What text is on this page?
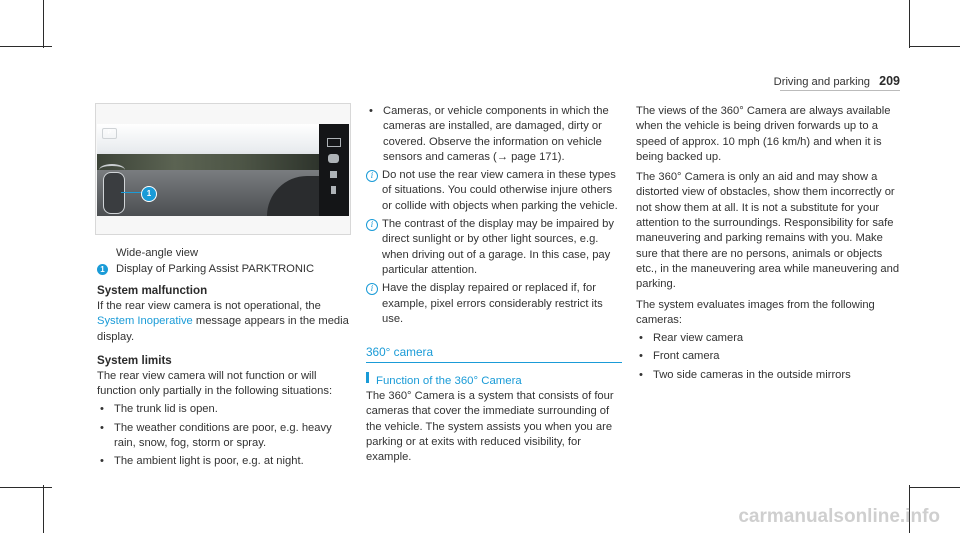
Driving and parking 209
P
1

Wide-angle view

1	Display of Parking Assist PARKTRONIC

System malfunction

If the rear view camera is not operational, the System Inoperative message appears in the media display.

System limits

The rear view camera will not function or will function only partially in the following situations:

• The trunk lid is open.
• The weather conditions are poor, e.g. heavy rain, snow, fog, storm or spray.
• The ambient light is poor, e.g. at night.
• Cameras, or vehicle components in which the cameras are installed, are damaged, dirty or covered. Observe the information on vehicle sensors and cameras (→ page 171).
i Do not use the rear view camera in these types of situations. You could otherwise injure others or collide with objects when parking the vehicle.
i The contrast of the display may be impaired by direct sunlight or by other light sources, e.g. when driving out of a garage. In this case, pay particular attention.
i Have the display repaired or replaced if, for example, pixel errors considerably restrict its use.
360° camera
Function of the 360° Camera

The 360° Camera is a system that consists of four cameras that cover the immediate surrounding of the vehicle. The system assists you when you are parking or at exits with reduced visibility, for example.

The views of the 360° Camera are always available when the vehicle is being driven forwards up to a speed of approx. 10 mph (16 km/h) and when it is being backed up.

The 360° Camera is only an aid and may show a distorted view of obstacles, show them incorrectly or not show them at all. It is not a substitute for your attention to the surroundings. Responsibility for safe maneuvering and parking remains with you. Make sure that there are no persons, animals or objects etc., in the maneuvering area while maneuvering and parking.

The system evaluates images from the following cameras:

• Rear view camera
• Front camera
• Two side cameras in the outside mirrors
carmanualsonline.info
